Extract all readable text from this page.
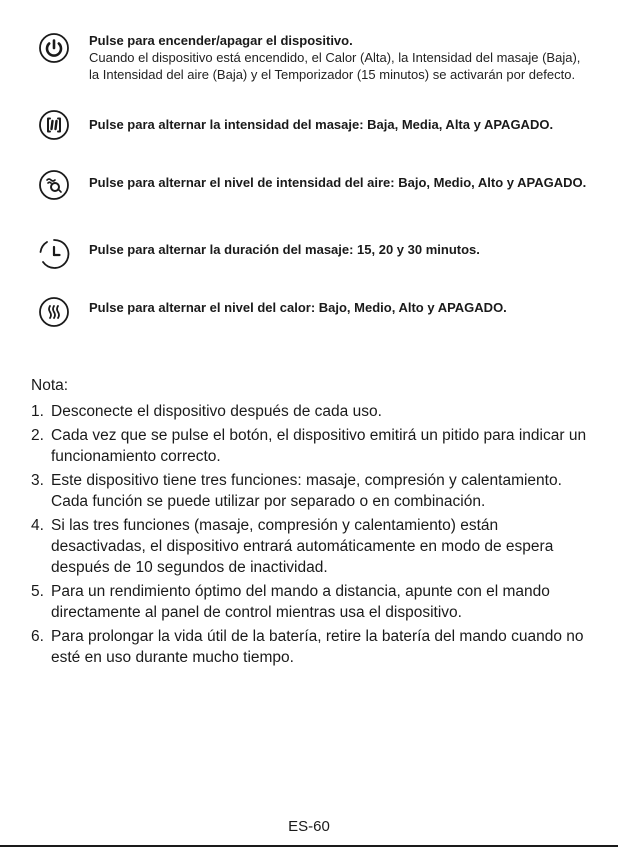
Pulse para encender/apagar el dispositivo.
Cuando el dispositivo está encendido, el Calor (Alta), la Intensidad del masaje (Baja), la Intensidad del aire (Baja) y el Temporizador (15 minutos) se activarán por defecto.
Pulse para alternar la intensidad del masaje: Baja, Media, Alta y APAGADO.
Pulse para alternar el nivel de intensidad del aire: Bajo, Medio, Alto y APAGADO.
Pulse para alternar la duración del masaje: 15, 20 y 30 minutos.
Pulse para alternar el nivel del calor: Bajo, Medio, Alto y APAGADO.
Nota:
1. Desconecte el dispositivo después de cada uso.
2. Cada vez que se pulse el botón, el dispositivo emitirá un pitido para indicar un funcionamiento correcto.
3. Este dispositivo tiene tres funciones: masaje, compresión y calentamiento. Cada función se puede utilizar por separado o en combinación.
4. Si las tres funciones (masaje, compresión y calentamiento) están desactivadas, el dispositivo entrará automáticamente en modo de espera después de 10 segundos de inactividad.
5. Para un rendimiento óptimo del mando a distancia, apunte con el mando directamente al panel de control mientras usa el dispositivo.
6. Para prolongar la vida útil de la batería, retire la batería del mando cuando no esté en uso durante mucho tiempo.
ES-60
